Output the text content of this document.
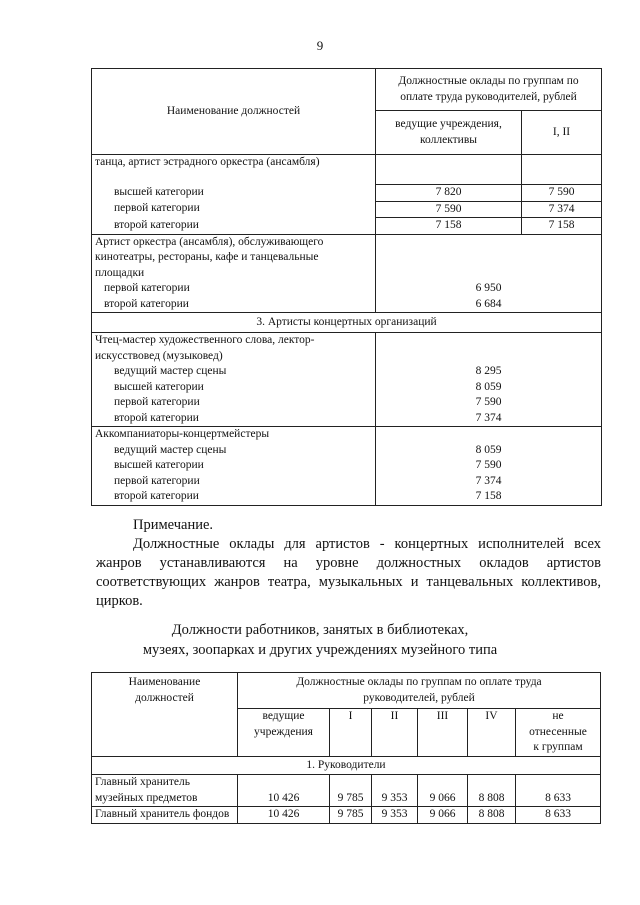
9
Наименование должностей	Должностные оклады по группам по оплате труда руководителей, рублей	
	ведущие учреждения, коллективы	I, II
танца, артист эстрадного оркестра (ансамбля)		
высшей категории	7 820	7 590
первой категории	7 590	7 374
второй категории	7 158	7 158
Артист оркестра (ансамбля), обслуживающего кинотеатры, рестораны, кафе и танцевальные площадки		
первой категории	6 950	
второй категории	6 684	
3. Артисты концертных организаций		
Чтец-мастер художественного слова, лектор-искусствовед (музыковед)		
ведущий мастер сцены	8 295	
высшей категории	8 059	
первой категории	7 590	
второй категории	7 374	
Аккомпаниаторы-концертмейстеры		
ведущий мастер сцены	8 059	
высшей категории	7 590	
первой категории	7 374	
второй категории	7 158	
Примечание.
Должностные оклады для артистов - концертных исполнителей всех жанров устанавливаются на уровне должностных окладов артистов соответствующих жанров театра, музыкальных и танцевальных коллективов, цирков.
Должности работников, занятых в библиотеках,
музеях, зоопарках и других учреждениях музейного типа
Наименование должностей	Должностные оклады по группам по оплате труда руководителей, рублей					
	ведущие учреждения	I	II	III	IV	не отнесенные к группам
1. Руководители						
Главный хранитель музейных предметов	10 426	9 785	9 353	9 066	8 808	8 633
Главный хранитель фондов	10 426	9 785	9 353	9 066	8 808	8 633
